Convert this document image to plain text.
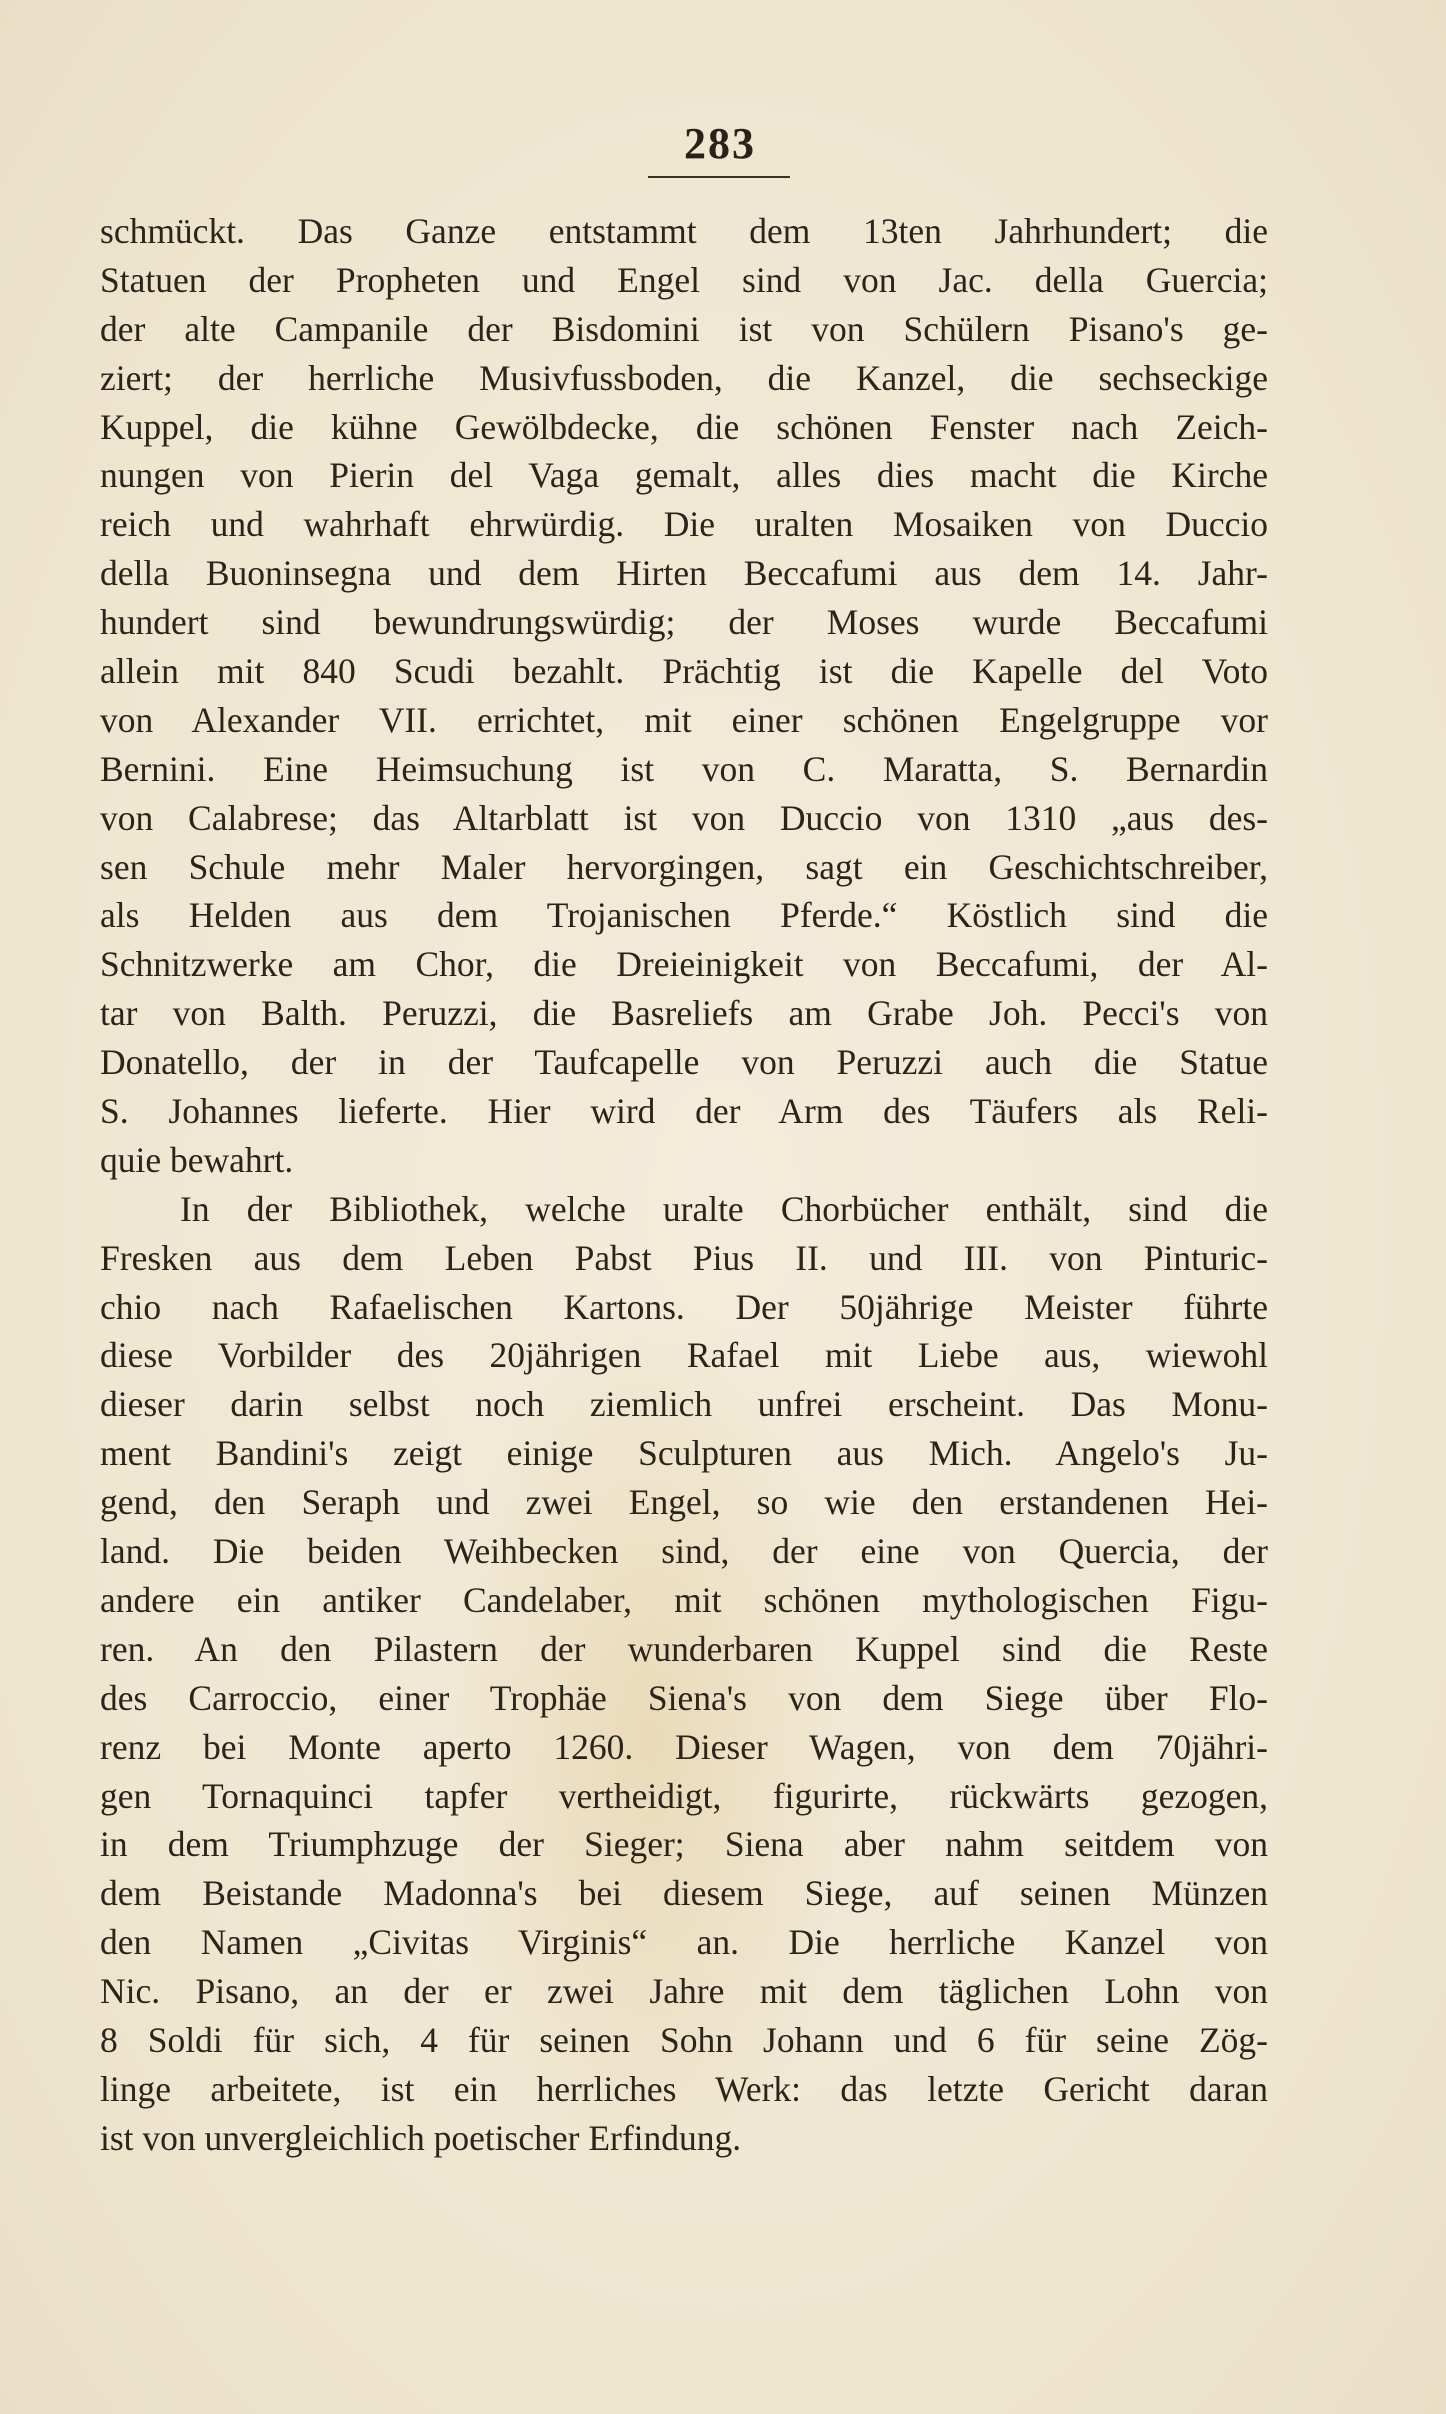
283
schmückt. Das Ganze entstammt dem 13ten Jahrhundert; die
Statuen der Propheten und Engel sind von Jac. della Guercia;
der alte Campanile der Bisdomini ist von Schülern Pisano's ge-
ziert; der herrliche Musivfussboden, die Kanzel, die sechseckige
Kuppel, die kühne Gewölbdecke, die schönen Fenster nach Zeich-
nungen von Pierin del Vaga gemalt, alles dies macht die Kirche
reich und wahrhaft ehrwürdig. Die uralten Mosaiken von Duccio
della Buoninsegna und dem Hirten Beccafumi aus dem 14. Jahr-
hundert sind bewundrungswürdig; der Moses wurde Beccafumi
allein mit 840 Scudi bezahlt. Prächtig ist die Kapelle del Voto
von Alexander VII. errichtet, mit einer schönen Engelgruppe vor
Bernini. Eine Heimsuchung ist von C. Maratta, S. Bernardin
von Calabrese; das Altarblatt ist von Duccio von 1310 „aus des-
sen Schule mehr Maler hervorgingen, sagt ein Geschichtschreiber,
als Helden aus dem Trojanischen Pferde.“ Köstlich sind die
Schnitzwerke am Chor, die Dreieinigkeit von Beccafumi, der Al-
tar von Balth. Peruzzi, die Basreliefs am Grabe Joh. Pecci's von
Donatello, der in der Taufcapelle von Peruzzi auch die Statue
S. Johannes lieferte. Hier wird der Arm des Täufers als Reli-
quie bewahrt.
In der Bibliothek, welche uralte Chorbücher enthält, sind die
Fresken aus dem Leben Pabst Pius II. und III. von Pinturic-
chio nach Rafaelischen Kartons. Der 50jährige Meister führte
diese Vorbilder des 20jährigen Rafael mit Liebe aus, wiewohl
dieser darin selbst noch ziemlich unfrei erscheint. Das Monu-
ment Bandini's zeigt einige Sculpturen aus Mich. Angelo's Ju-
gend, den Seraph und zwei Engel, so wie den erstandenen Hei-
land. Die beiden Weihbecken sind, der eine von Quercia, der
andere ein antiker Candelaber, mit schönen mythologischen Figu-
ren. An den Pilastern der wunderbaren Kuppel sind die Reste
des Carroccio, einer Trophäe Siena's von dem Siege über Flo-
renz bei Monte aperto 1260. Dieser Wagen, von dem 70jähri-
gen Tornaquinci tapfer vertheidigt, figurirte, rückwärts gezogen,
in dem Triumphzuge der Sieger; Siena aber nahm seitdem von
dem Beistande Madonna's bei diesem Siege, auf seinen Münzen
den Namen „Civitas Virginis“ an. Die herrliche Kanzel von
Nic. Pisano, an der er zwei Jahre mit dem täglichen Lohn von
8 Soldi für sich, 4 für seinen Sohn Johann und 6 für seine Zög-
linge arbeitete, ist ein herrliches Werk: das letzte Gericht daran
ist von unvergleichlich poetischer Erfindung.
